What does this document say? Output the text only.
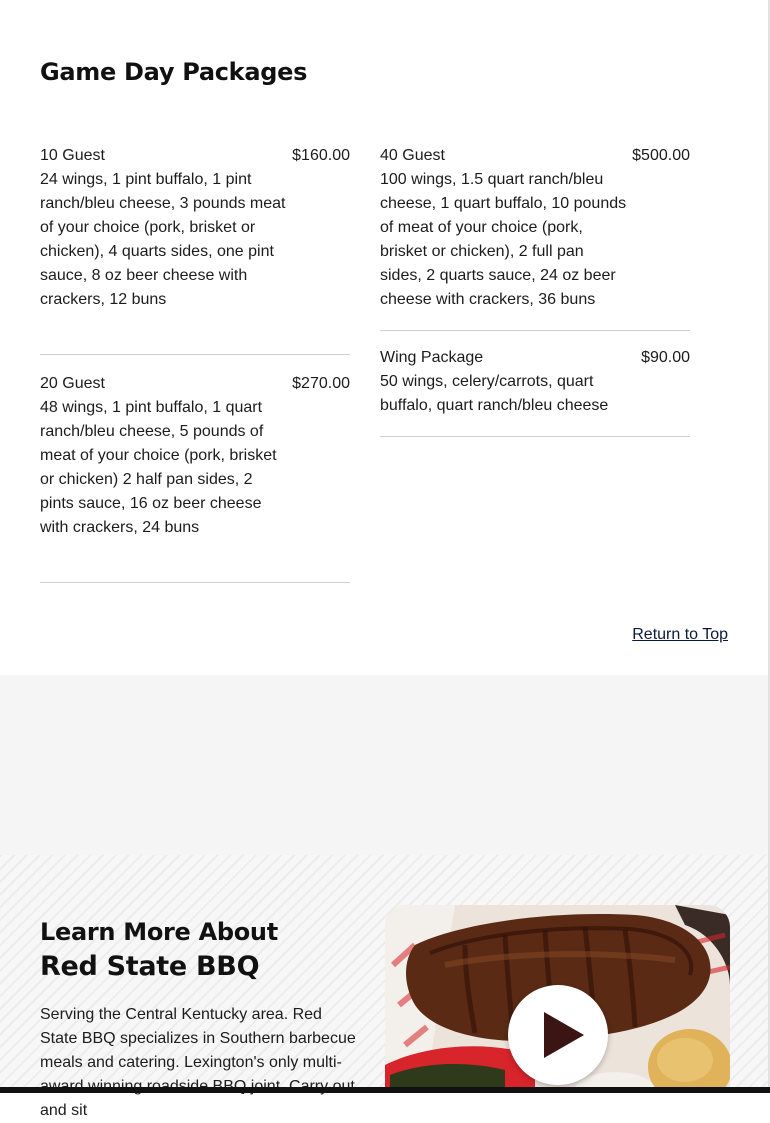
Game Day Packages
10 Guest	$160.00
24 wings, 1 pint buffalo, 1 pint ranch/bleu cheese, 3 pounds meat of your choice (pork, brisket or chicken), 4 quarts sides, one pint sauce, 8 oz beer cheese with crackers, 12 buns
20 Guest	$270.00
48 wings, 1 pint buffalo, 1 quart ranch/bleu cheese, 5 pounds of meat of your choice (pork, brisket or chicken) 2 half pan sides, 2 pints sauce, 16 oz beer cheese with crackers, 24 buns
40 Guest	$500.00
100 wings, 1.5 quart ranch/bleu cheese, 1 quart buffalo, 10 pounds of meat of your choice (pork, brisket or chicken), 2 full pan sides, 2 quarts sauce, 24 oz beer cheese with crackers, 36 buns
Wing Package	$90.00
50 wings, celery/carrots, quart buffalo, quart ranch/bleu cheese
Return to Top
Learn More About
Red State BBQ

Serving the Central Kentucky area. Red State BBQ specializes in Southern barbecue meals and catering. Lexington's only multi- and sit
